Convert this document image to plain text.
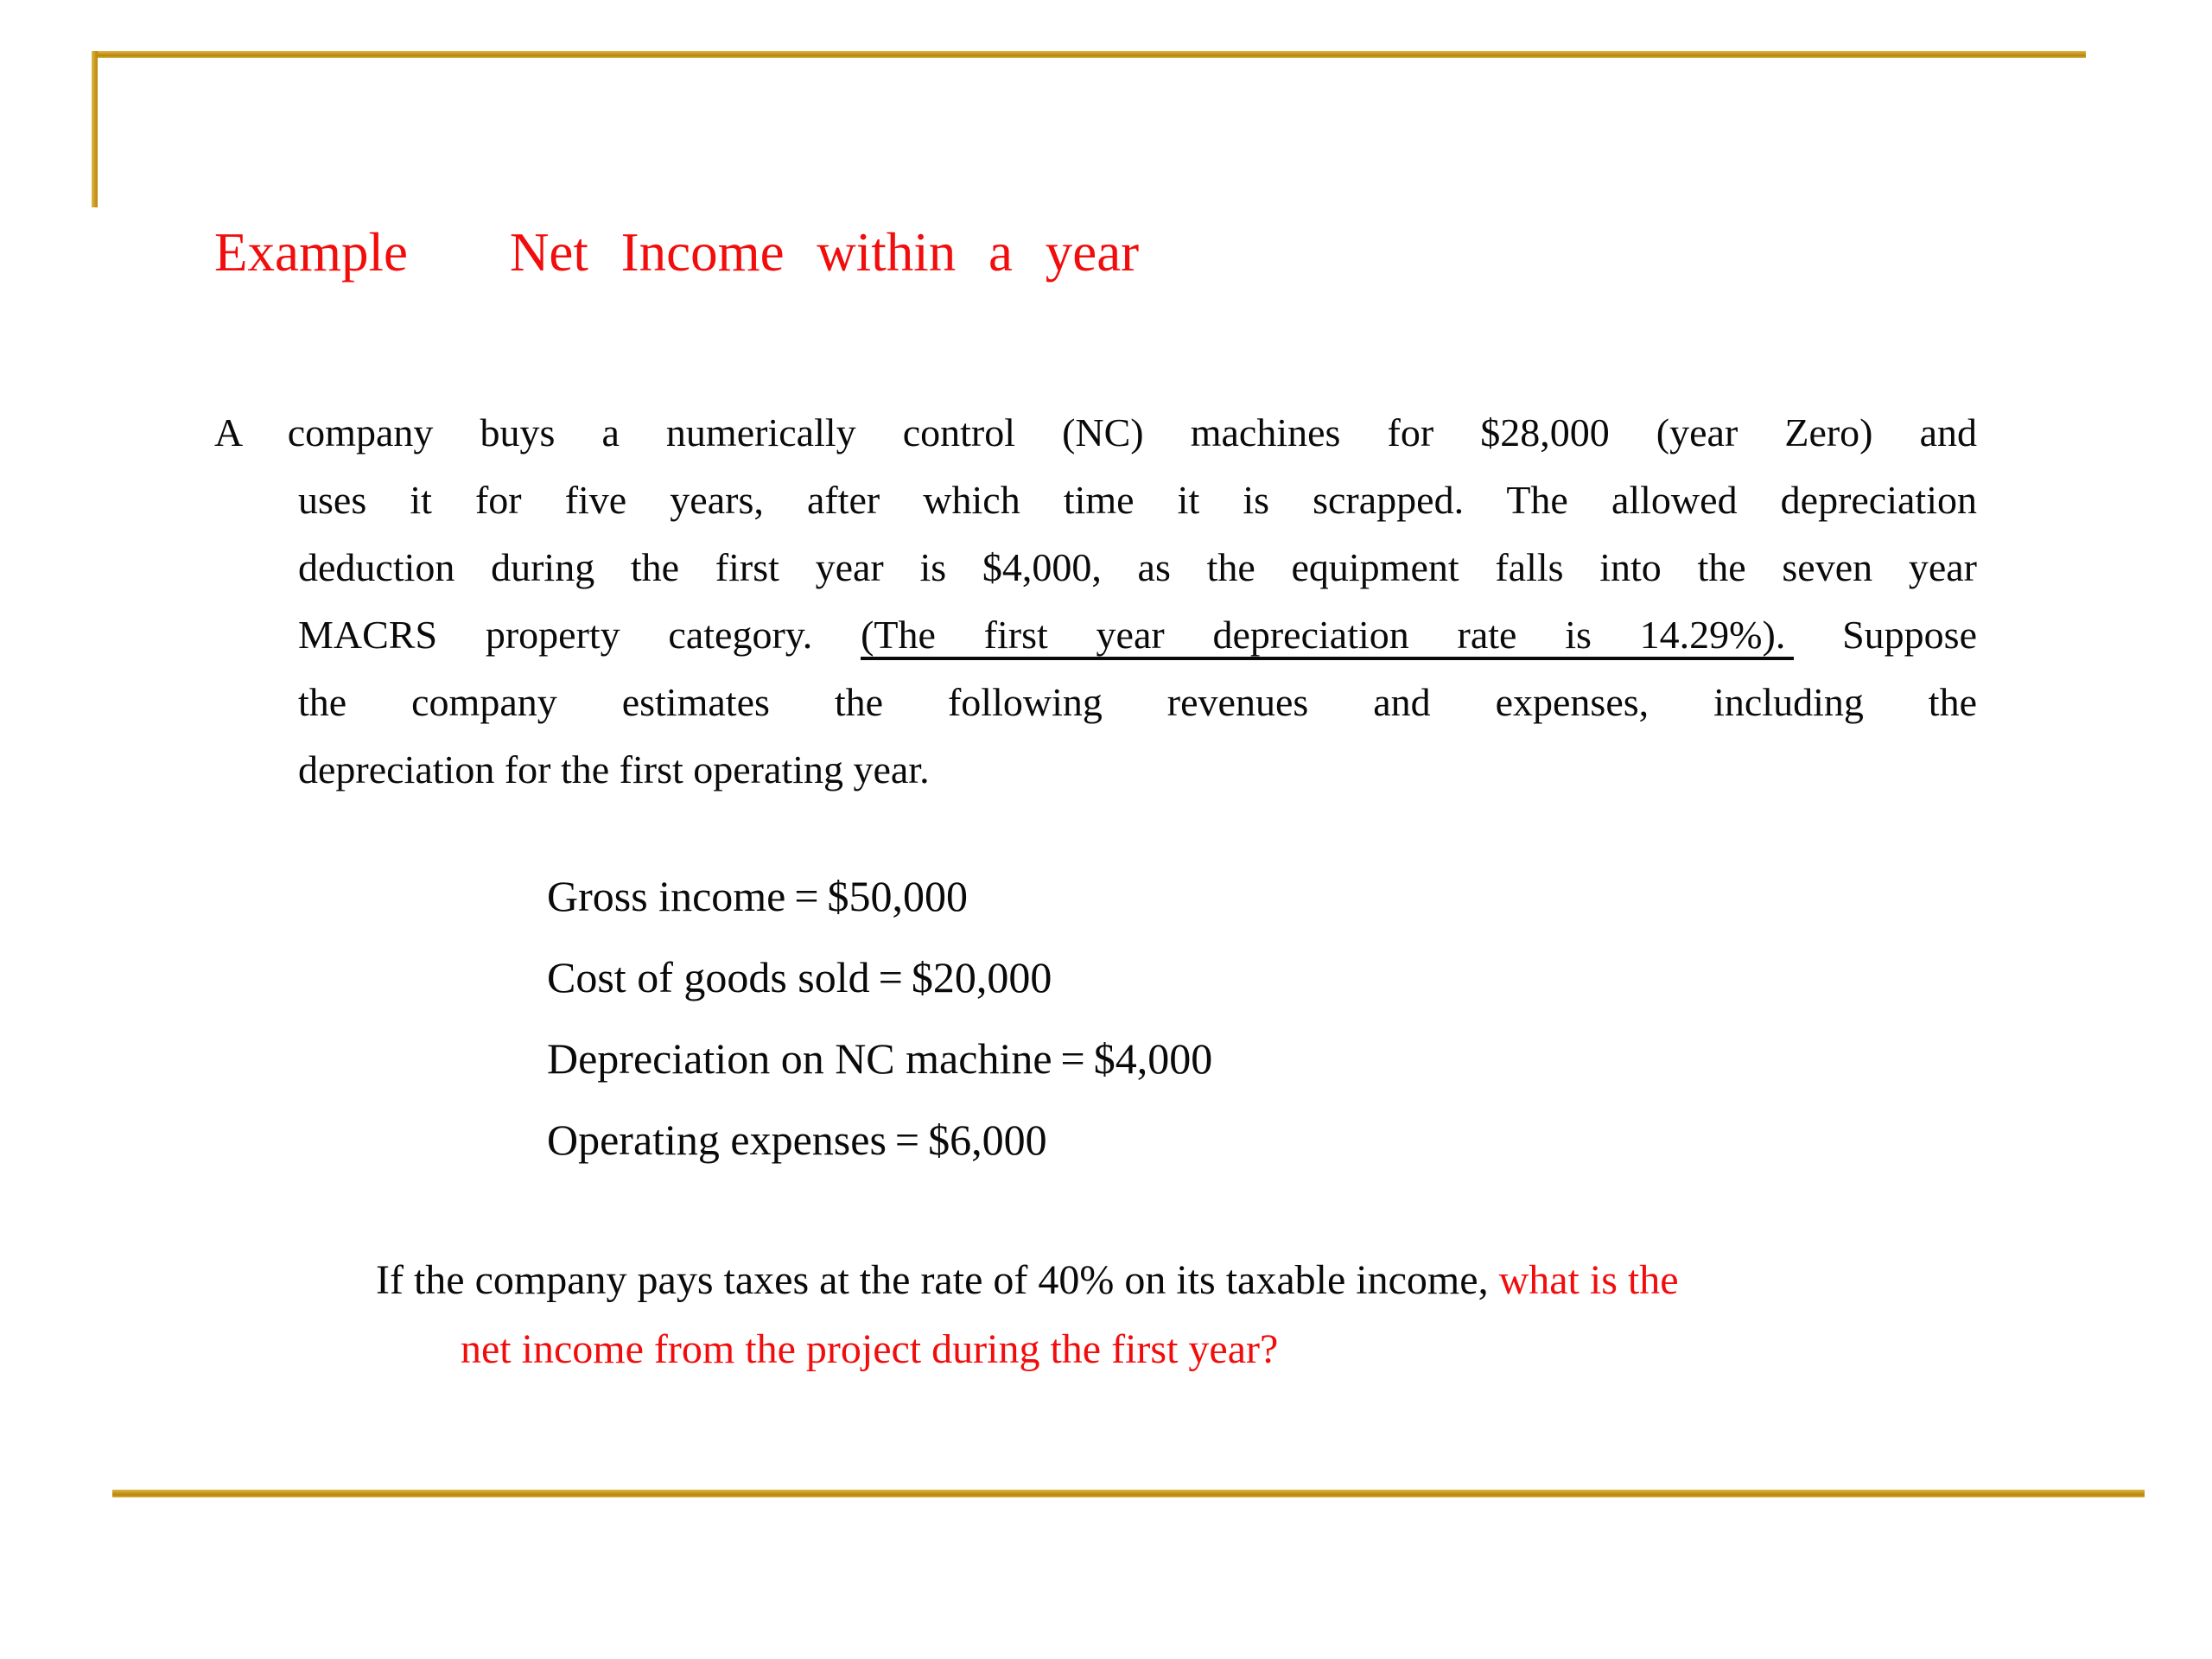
Example Net Income within a year
A company buys a numerically control (NC) machines for $28,000 (year Zero) and
uses it for five years, after which time it is scrapped. The allowed depreciation
deduction during the first year is $4,000, as the equipment falls into the seven year
MACRS property category. (The first year depreciation rate is 14.29%). Suppose
the company estimates the following revenues and expenses, including the
depreciation for the first operating year.
Gross income = $50,000
Cost of goods sold = $20,000
Depreciation on NC machine = $4,000
Operating expenses = $6,000
If the company pays taxes at the rate of 40% on its taxable income, what is the
net income from the project during the first year?
